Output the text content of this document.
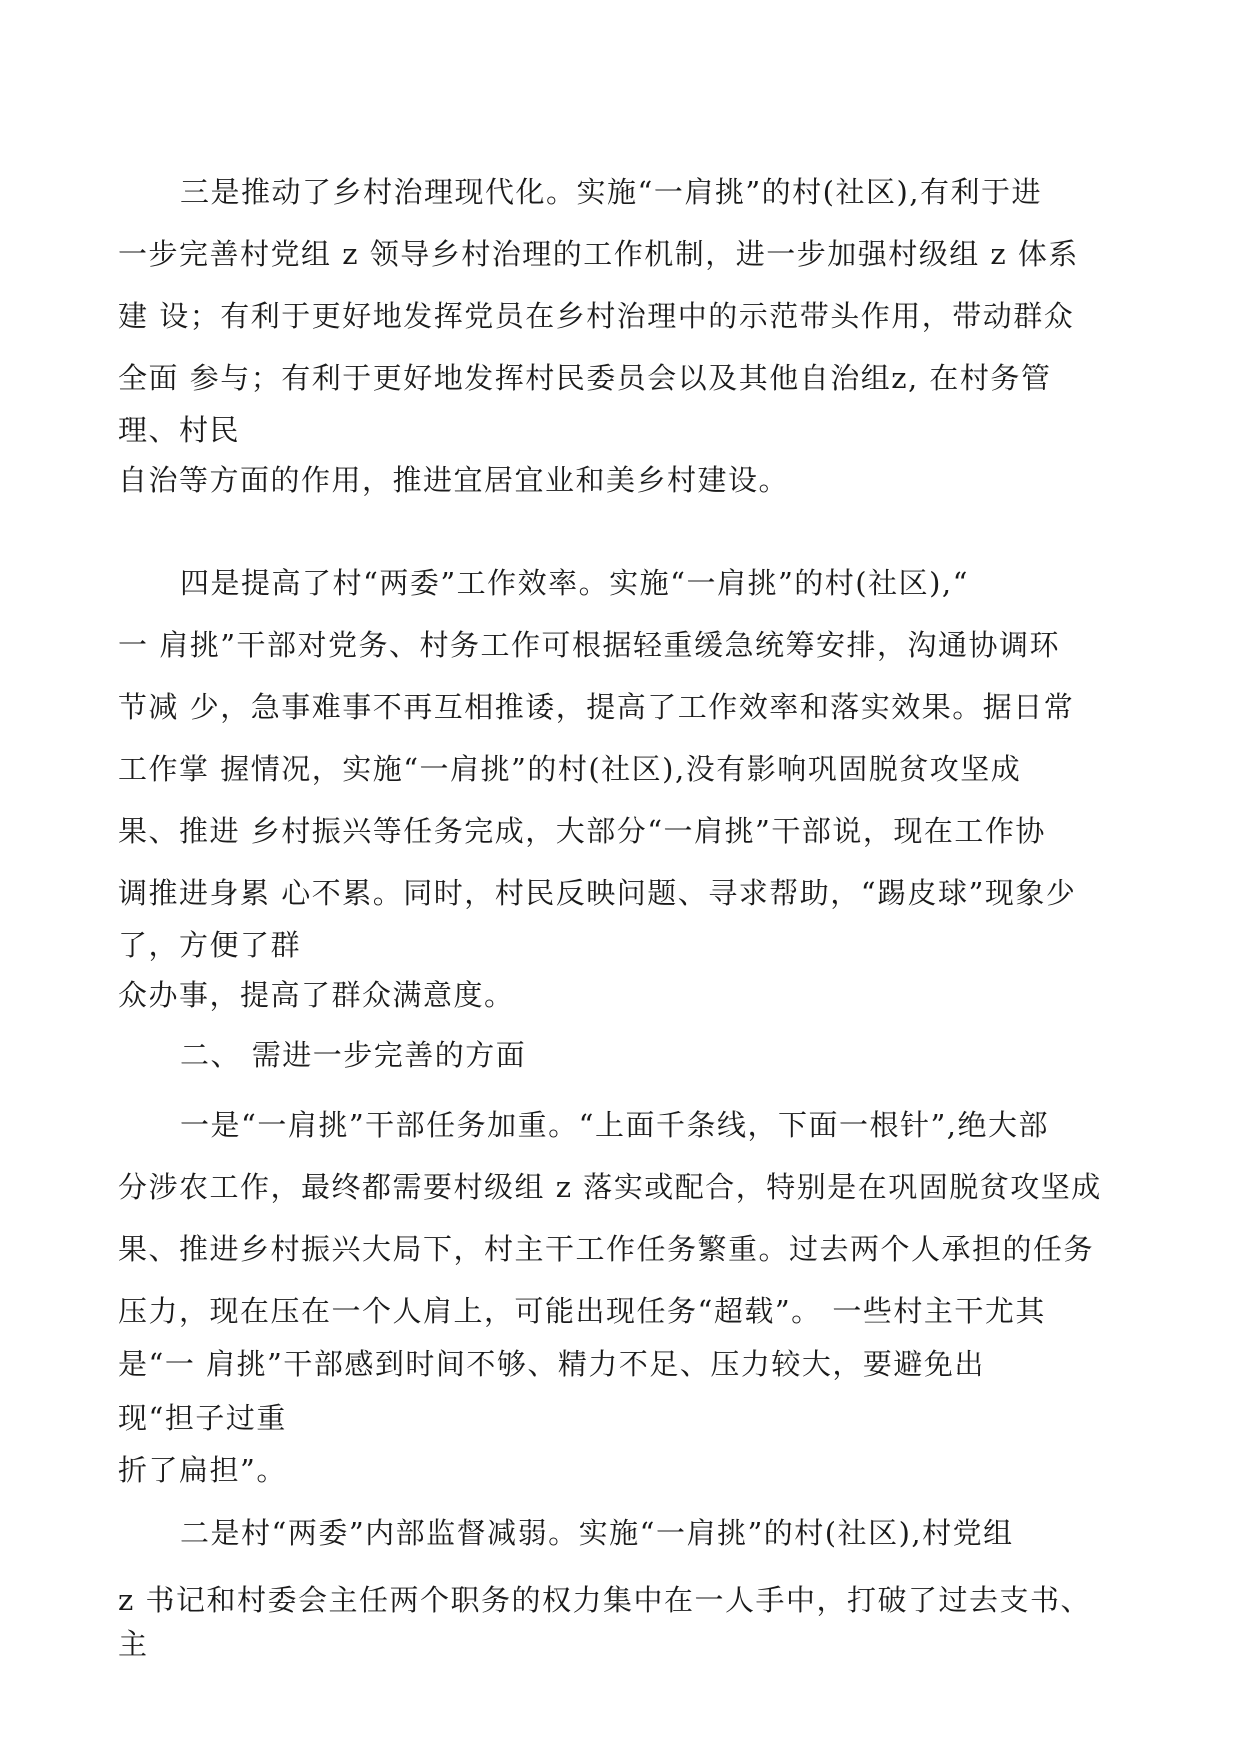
三是推动了乡村治理现代化。实施“一肩挑”的村(社区),有利于进
一步完善村党组 z 领导乡村治理的工作机制，进一步加强村级组 z 体系
建 设；有利于更好地发挥党员在乡村治理中的示范带头作用，带动群众
全面 参与；有利于更好地发挥村民委员会以及其他自治组z, 在村务管
理、村民
自治等方面的作用，推进宜居宜业和美乡村建设。
四是提高了村“两委”工作效率。实施“一肩挑”的村(社区),“
一 肩挑”干部对党务、村务工作可根据轻重缓急统筹安排，沟通协调环
节减 少，急事难事不再互相推诿，提高了工作效率和落实效果。据日常
工作掌 握情况，实施“一肩挑”的村(社区),没有影响巩固脱贫攻坚成
果、推进 乡村振兴等任务完成，大部分“一肩挑”干部说，现在工作协
调推进身累 心不累。同时，村民反映问题、寻求帮助，“踢皮球”现象少
了，方便了群
众办事，提高了群众满意度。
二、 需进一步完善的方面
一是“一肩挑”干部任务加重。“上面千条线，下面一根针”,绝大部
分涉农工作，最终都需要村级组 z 落实或配合，特别是在巩固脱贫攻坚成
果、推进乡村振兴大局下，村主干工作任务繁重。过去两个人承担的任务
压力，现在压在一个人肩上，可能出现任务“超载”。 一些村主干尤其
是“一 肩挑”干部感到时间不够、精力不足、压力较大，要避免出
现“担子过重
折了扁担”。
二是村“两委”内部监督减弱。实施“一肩挑”的村(社区),村党组
z 书记和村委会主任两个职务的权力集中在一人手中，打破了过去支书、
主
